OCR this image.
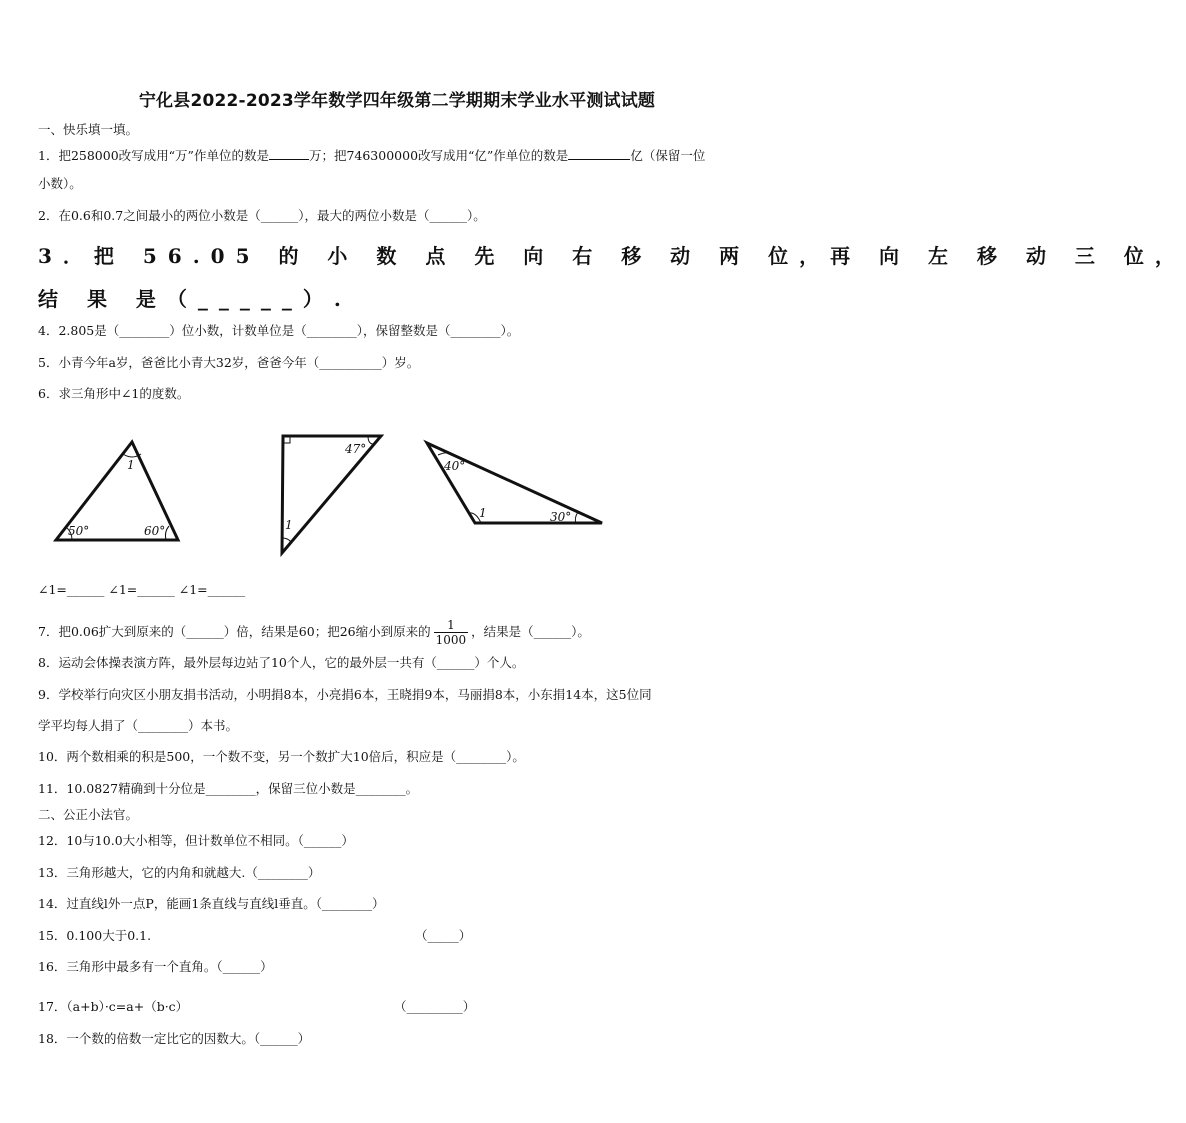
宁化县2022-2023学年数学四年级第二学期期末学业水平测试试题
一、快乐填一填。
1．把258000改写成用“万”作单位的数是	万；把746300000改写成用“亿”作单位的数是	亿（保留一位
小数）。
2．在0.6和0.7之间最小的两位小数是（______），最大的两位小数是（______）。
3．把 56.05 的 小 数 点 先 向 右 移 动 两 位，再 向 左 移 动 三 位，
结 果 是（_____）.
4．2.805是（________）位小数，计数单位是（________），保留整数是（________）。
5．小青今年a岁，爸爸比小青大32岁，爸爸今年（__________）岁。
6．求三角形中∠1的度数。
1
50°	60°
47°
1
40°
1	30°
∠1=______ ∠1=______ ∠1=______
7．把0.06扩大到原来的（______）倍，结果是60；把26缩小到原来的 $\frac{1}{1000}$ ，结果是（______）。
8．运动会体操表演方阵，最外层每边站了10个人，它的最外层一共有（______）个人。
9．学校举行向灾区小朋友捐书活动，小明捐8本，小亮捐6本，王晓捐9本，马丽捐8本，小东捐14本，这5位同
学平均每人捐了（________）本书。
10．两个数相乘的积是500，一个数不变，另一个数扩大10倍后，积应是（________）。
11．10.0827精确到十分位是________，保留三位小数是________。
二、公正小法官。
12．10与10.0大小相等，但计数单位不相同。（______）
13．三角形越大，它的内角和就越大.（________）
14．过直线l外一点P，能画1条直线与直线l垂直。（________）
15．0.100大于0.1.	（_____）
16．三角形中最多有一个直角。（______）
17．（a+b）·c=a+（b·c）	（_________）
18．一个数的倍数一定比它的因数大。（______）
